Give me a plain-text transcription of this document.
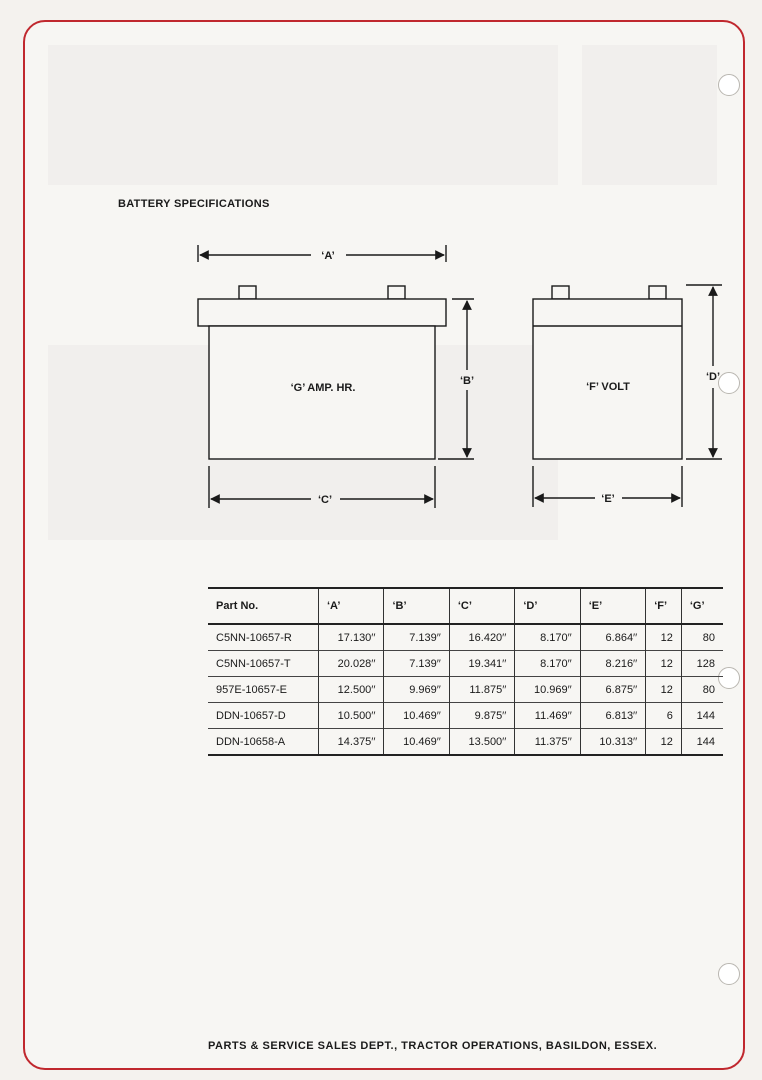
BATTERY SPECIFICATIONS
‘A’
‘B’
‘C’
‘D’
‘E’
‘G’ AMP. HR.	‘F’ VOLT
Part No.	‘A’	‘B’	‘C’	‘D’	‘E’	‘F’	‘G’
C5NN-10657-R	17.130′′	7.139′′	16.420′′	8.170′′	6.864′′	12	80
C5NN-10657-T	20.028′′	7.139′′	19.341′′	8.170′′	8.216′′	12	128
957E-10657-E	12.500′′	9.969′′	11.875′′	10.969′′	6.875′′	12	80
DDN-10657-D	10.500′′	10.469′′	9.875′′	11.469′′	6.813′′	6	144
DDN-10658-A	14.375′′	10.469′′	13.500′′	11.375′′	10.313′′	12	144
PARTS & SERVICE SALES DEPT., TRACTOR OPERATIONS, BASILDON, ESSEX.
